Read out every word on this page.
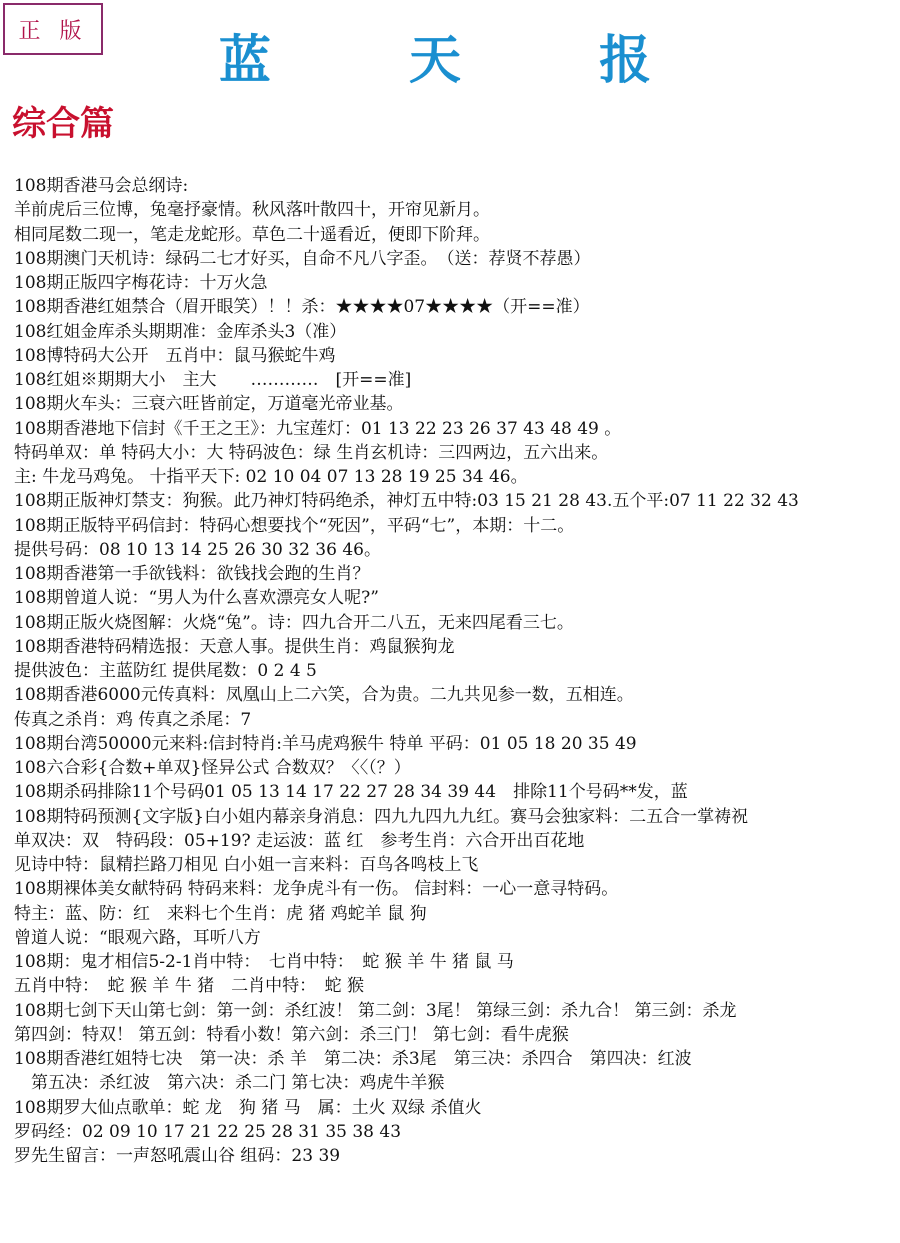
正 版	蓝 天 报
综合篇
108期香港马会总纲诗:
羊前虎后三位博，兔毫抒豪情。秋风落叶散四十，开帘见新月。
相同尾数二现一，笔走龙蛇形。草色二十遥看近，便即下阶拜。
108期澳门天机诗：绿码二七才好买，自命不凡八字歪。　（送：荐贤不荐愚）
108期正版四字梅花诗：十万火急
108期香港红姐禁合（眉开眼笑）！！杀：★★★★07★★★★（开==准）
108红姐金库杀头期期准：金库杀头3（准）
108博特码大公开　五肖中：鼠马猴蛇牛鸡
108红姐※期期大小　主大　　…………　[开==准]
108期火车头：三衰六旺皆前定，万道毫光帝业基。
108期香港地下信封《千王之王》：九宝莲灯：01 13 22 23 26 37 43 48 49 。
特码单双：单 特码大小：大 特码波色：绿 生肖玄机诗：三四两边，五六出来。
主: 牛龙马鸡兔。 十指平天下: 02 10 04 07 13 28 19 25 34 46。
108期正版神灯禁支：狗猴。此乃神灯特码绝杀，神灯五中特:03 15 21 28 43.五个平:07 11 22 32 43
108期正版特平码信封：特码心想要找个“死因”，平码“七”，本期：十二。
提供号码：08 10 13 14 25 26 30 32 36 46。
108期香港第一手欲钱料：欲钱找会跑的生肖？
108期曾道人说：“男人为什么喜欢漂亮女人呢?”
108期正版火烧图解：火烧“兔”。诗：四九合开二八五，无来四尾看三七。
108期香港特码精选报：天意人事。提供生肖：鸡鼠猴狗龙
提供波色：主蓝防红 提供尾数：0 2 4 5
108期香港6000元传真料：凤凰山上二六笑，合为贵。二九共见参一数，五相连。
传真之杀肖：鸡 传真之杀尾：7
108期台湾50000元来料:信封特肖:羊马虎鸡猴牛 特单 平码：01 05 18 20 35 49
108六合彩{合数+单双}怪异公式 合数双？〈〈（？）
108期杀码排除11个号码01 05 13 14 17 22 27 28 34 39 44　排除11个号码**发，蓝
108期特码预测{文字版}白小姐内幕亲身消息：四九九四九九红。赛马会独家料：二五合一掌祷祝
单双决：双　特码段：05+19? 走运波：蓝 红　参考生肖：六合开出百花地
见诗中特：鼠精拦路刀相见 白小姐一言来料：百鸟各鸣枝上飞
108期裸体美女献特码 特码来料：龙争虎斗有一伤。 信封料：一心一意寻特码。
特主：蓝、防：红　来料七个生肖：虎 猪 鸡蛇羊 鼠 狗
曾道人说：“眼观六路，耳听八方
108期：鬼才相信5-2-1肖中特：　七肖中特：　蛇 猴 羊 牛 猪 鼠 马
五肖中特：　蛇 猴 羊 牛 猪　二肖中特：　蛇 猴
108期七剑下天山第七剑：第一剑：杀红波！ 第二剑：3尾！ 第绿三剑：杀九合！ 第三剑：杀龙
第四剑：特双！ 第五剑：特看小数！第六剑：杀三门！ 第七剑：看牛虎猴
108期香港红姐特七决　第一决：杀 羊　第二决：杀3尾　第三决：杀四合　第四决：红波
　第五决：杀红波　第六决：杀二门 第七决：鸡虎牛羊猴
108期罗大仙点歌单：蛇 龙　狗 猪 马　属：土火 双绿 杀值火
罗码经：02 09 10 17 21 22 25 28 31 35 38 43
罗先生留言：一声怒吼震山谷 组码：23 39
